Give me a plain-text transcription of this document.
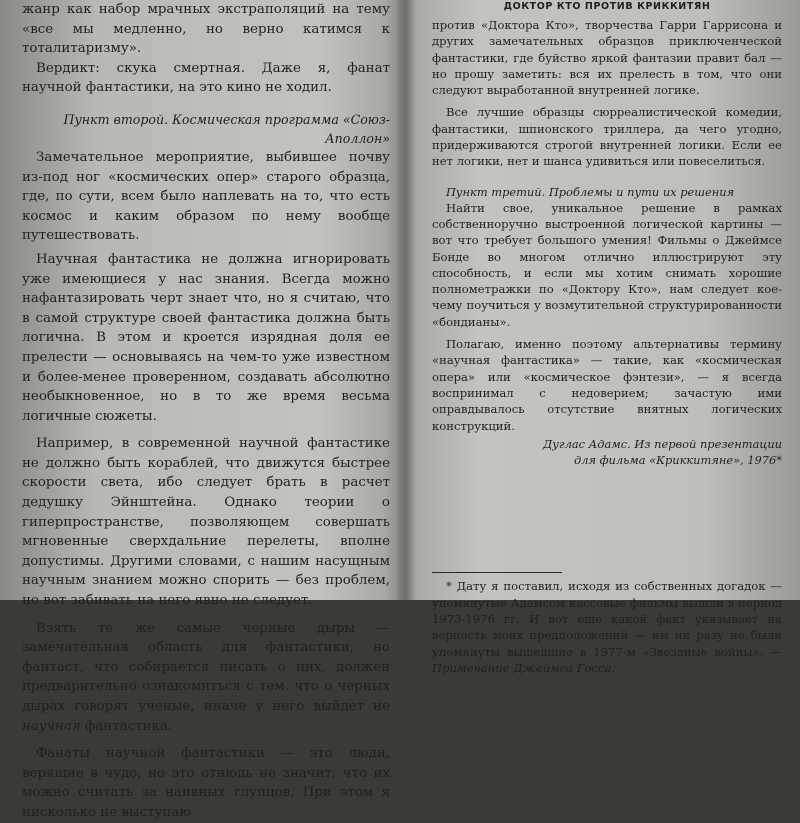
жанр как набор мрачных экстраполяций на тему «все мы медленно, но верно катимся к тоталитаризму».

Вердикт: скука смертная. Даже я, фанат научной фантастики, на это кино не ходил.

Пункт второй. Космическая программа «Союз-Аполлон»

Замечательное мероприятие, выбившее почву из-под ног «космических опер» старого образца, где, по сути, всем было наплевать на то, что есть космос и каким образом по нему вообще путешествовать.

Научная фантастика не должна игнорировать уже имеющиеся у нас знания. Всегда можно нафантазировать черт знает что, но я считаю, что в самой структуре своей фантастика должна быть логична. В этом и кроется изрядная доля ее прелести — основываясь на чем-то уже известном и более-менее проверенном, создавать абсолютно необыкновенное, но в то же время весьма логичные сюжеты.

Например, в современной научной фантастике не должно быть кораблей, что движутся быстрее скорости света, ибо следует брать в расчет дедушку Эйнштейна. Однако теории о гиперпространстве, позволяющем совершать мгновенные сверхдальние перелеты, вполне допустимы. Другими словами, с нашим насущным научным знанием можно спорить — без проблем, но вот забивать на него явно не следует.

Взять те же самые черные дыры — замечательная область для фантастики, но фантаст, что собирается писать о них, должен предварительно ознакомиться с тем, что о черных дырах говорят ученые, иначе у него выйдет не научная фантастика.

Фанаты научной фантастики — это люди, верящие в чудо, но это отнюдь не значит, что их можно считать за наивных глупцов. При этом я нисколько не выступаю

ДОКТОР КТО ПРОТИВ КРИККИТЯН

против «Доктора Кто», творчества Гарри Гаррисона и других замечательных образцов приключенческой фантастики, где буйство яркой фантазии правит бал — но прошу заметить: вся их прелесть в том, что они следуют выработанной внутренней логике.

Все лучшие образцы сюрреалистической комедии, фантастики, шпионского триллера, да чего угодно, придерживаются строгой внутренней логики. Если ее нет логики, нет и шанса удивиться или повеселиться.

Пункт третий. Проблемы и пути их решения

Найти свое, уникальное решение в рамках собственноручно выстроенной логической картины — вот что требует большого умения! Фильмы о Джеймсе Бонде во многом отлично иллюстрируют эту способность, и если мы хотим снимать хорошие полнометражки по «Доктору Кто», нам следует кое-чему поучиться у возмутительной структурированности «бондианы».

Полагаю, именно поэтому альтернативы термину «научная фантастика» — такие, как «космическая опера» или «космическое фэнтези», — я всегда воспринимал с недоверием; зачастую ими оправдывалось отсутствие внятных логических конструкций.

Дуглас Адамс. Из первой презентации

для фильма «Криккитяне», 1976*

* Дату я поставил, исходя из собственных догадок — упомянутые Адамсом кассовые фильмы вышли в период 1973-1976 гг. И вот еще какой факт указывает на верность моих предположений — им ни разу не были упомянуты вышедшие в 1977-м «Звездные войны». — Примечание Джеймса Госса.
